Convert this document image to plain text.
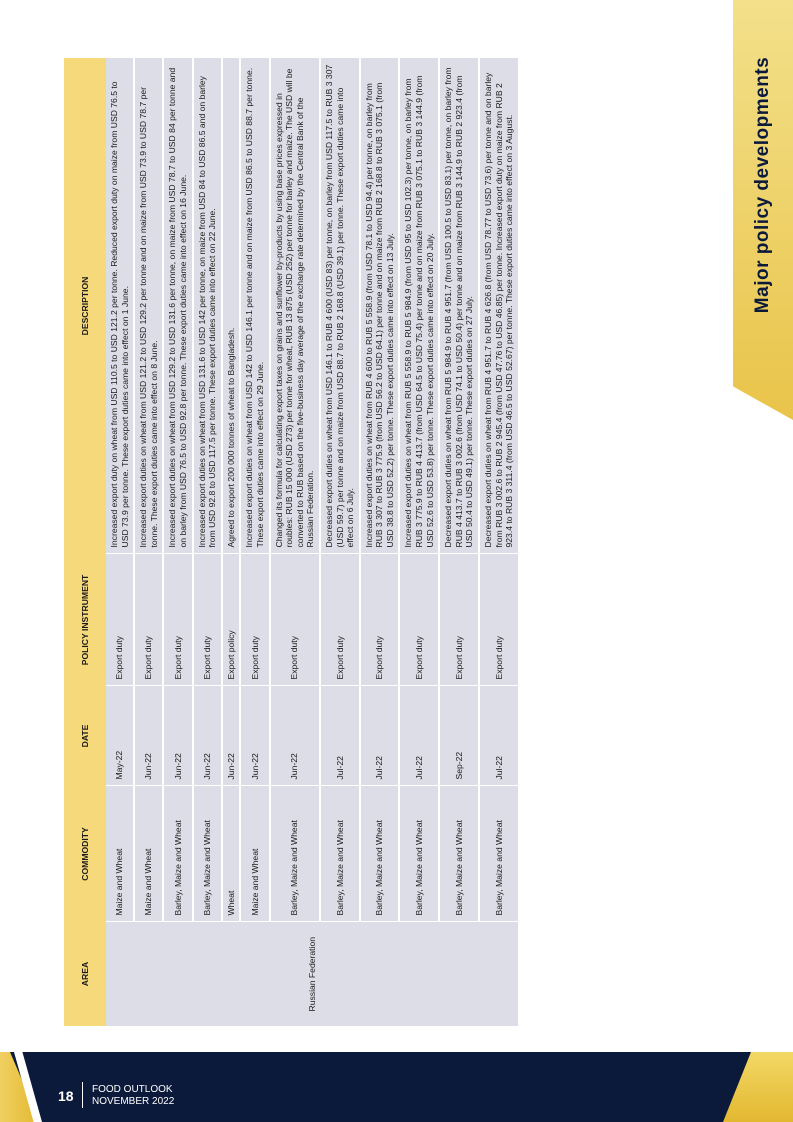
Major policy developments
AREA	COMMODITY	DATE	POLICY INSTRUMENT	DESCRIPTION
Russian Federation	Maize and Wheat	May-22	Export duty	Increased export duty on wheat from USD 110.5 to USD 121.2 per tonne. Reduced export duty on maize from USD 76.5 to USD 73.9 per tonne. These export duties came into effect on 1 June.
	Maize and Wheat	Jun-22	Export duty	Increased export duties on wheat from USD 121.2 to USD 129.2 per tonne and on maize from USD 73.9 to USD 78.7 per tonne. These export duties came into effect on 8 June.
	Barley, Maize and Wheat	Jun-22	Export duty	Increased export duties on wheat from USD 129.2 to USD 131.6 per tonne, on maize from USD 78.7 to USD 84 per tonne and on barley from USD 76.5 to USD 92.8 per tonne. These export duties came into effect on 16 June.
	Barley, Maize and Wheat	Jun-22	Export duty	Increased export duties on wheat from USD 131.6 to USD 142 per tonne, on maize from USD 84 to USD 86.5 and on barley from USD 92.8 to USD 117.5 per tonne. These export duties came into effect on 22 June.
	Wheat	Jun-22	Export policy	Agreed to export 200 000 tonnes of wheat to Bangladesh.
	Maize and Wheat	Jun-22	Export duty	Increased export duties on wheat from USD 142 to USD 146.1 per tonne and on maize from USD 86.5 to USD 88.7 per tonne. These export duties came into effect on 29 June.
	Barley, Maize and Wheat	Jun-22	Export duty	Changed its formula for calculating export taxes on grains and sunflower by-products by using base prices expressed in roubles: RUB 15 000 (USD 273) per tonne for wheat, RUB 13 875 (USD 252) per tonne for barley and maize. The USD will be converted to RUB based on the five-business day average of the exchange rate determined by the Central Bank of the Russian Federation.
	Barley, Maize and Wheat	Jul-22	Export duty	Decreased export duties on wheat from USD 146.1 to RUB 4 600 (USD 83) per tonne, on barley from USD 117.5 to RUB 3 307 (USD 59.7) per tonne and on maize from USD 88.7 to RUB 2 168.8 (USD 39.1) per tonne. These export duties came into effect on 6 July.
	Barley, Maize and Wheat	Jul-22	Export duty	Increased export duties on wheat from RUB 4 600 to RUB 5 558.9 (from USD 78.1 to USD 94.4) per tonne, on barley from RUB 3 307 to RUB 3 775.9 (from USD 56.2 to USD 64.1) per tonne and on maize from RUB 2 168.8 to RUB 3 075.1 (from USD 38.8 to USD 52.2) per tonne. These export duties came into effect on 13 July.
	Barley, Maize and Wheat	Jul-22	Export duty	Increased export duties on wheat from RUB 5 558.9 to RUB 5 984.9 (from USD 95 to USD 102.3) per tonne, on barley from RUB 3 775.9 to RUB 4 413.7 (from USD 64.5 to USD 75.4) per tonne and on maize from RUB 3 075.1 to RUB 3 144.9 (from USD 52.6 to USD 53.8) per tonne. These export duties came into effect on 20 July.
	Barley, Maize and Wheat	Sep-22	Export duty	Decreased export duties on wheat from RUB 5 984.9 to RUB 4 951.7 (from USD 100.5 to USD 83.1) per tonne, on barley from RUB 4 413.7 to RUB 3 002.6 (from USD 74.1 to USD 50.4) per tonne and on maize from RUB 3 144.9 to RUB 2 923.4 (from USD 50.4 to USD 49.1) per tonne. These export duties on 27 July.
	Barley, Maize and Wheat	Jul-22	Export duty	Decreased export duties on wheat from RUB 4 951.7 to RUB 4 626.8 (from USD 78.77 to USD 73.6) per tonne and on barley from RUB 3 002.6 to RUB 2 945.4 (from USD 47.76 to USD 46.85) per tonne. Increased export duty on maize from RUB 2 923.4 to RUB 3 311.4 (from USD 46.5 to USD 52.67) per tonne. These export duties came into effect on 3 August.
18 FOOD OUTLOOK
NOVEMBER 2022
